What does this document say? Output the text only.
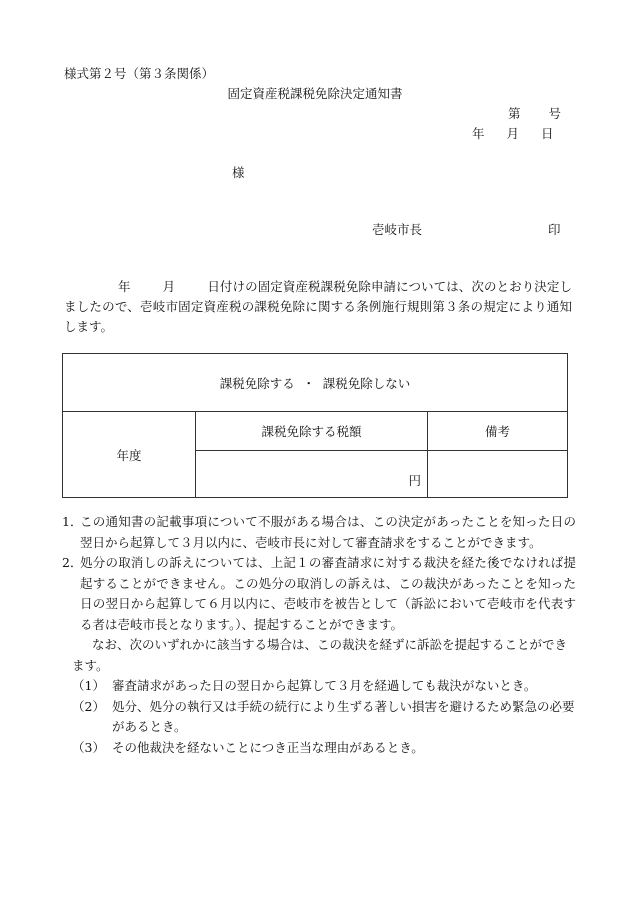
様式第２号（第３条関係）
固定資産税課税免除決定通知書
第 号
年 月 日
様
壱岐市長	印
年	月	日付けの固定資産税課税免除申請については、次のとおり決定しましたので、壱岐市固定資産税の課税免除に関する条例施行規則第３条の規定により通知します。
課税免除する ・ 課税免除しない		
年度	課税免除する税額	備考
	円	
1．
この通知書の記載事項について不服がある場合は、この決定があったことを知った日の翌日から起算して３月以内に、壱岐市長に対して審査請求をすることができます。
2．
処分の取消しの訴えについては、上記１の審査請求に対する裁決を経た後でなければ提起することができません。この処分の取消しの訴えは、この裁決があったことを知った日の翌日から起算して６月以内に、壱岐市を被告として（訴訟において壱岐市を代表する者は壱岐市長となります。）、提起することができます。
なお、次のいずれかに該当する場合は、この裁決を経ずに訴訟を提起することができます。
（1） 審査請求があった日の翌日から起算して３月を経過しても裁決がないとき。
（2） 処分、処分の執行又は手続の続行により生ずる著しい損害を避けるため緊急の必要があるとき。
（3） その他裁決を経ないことにつき正当な理由があるとき。
